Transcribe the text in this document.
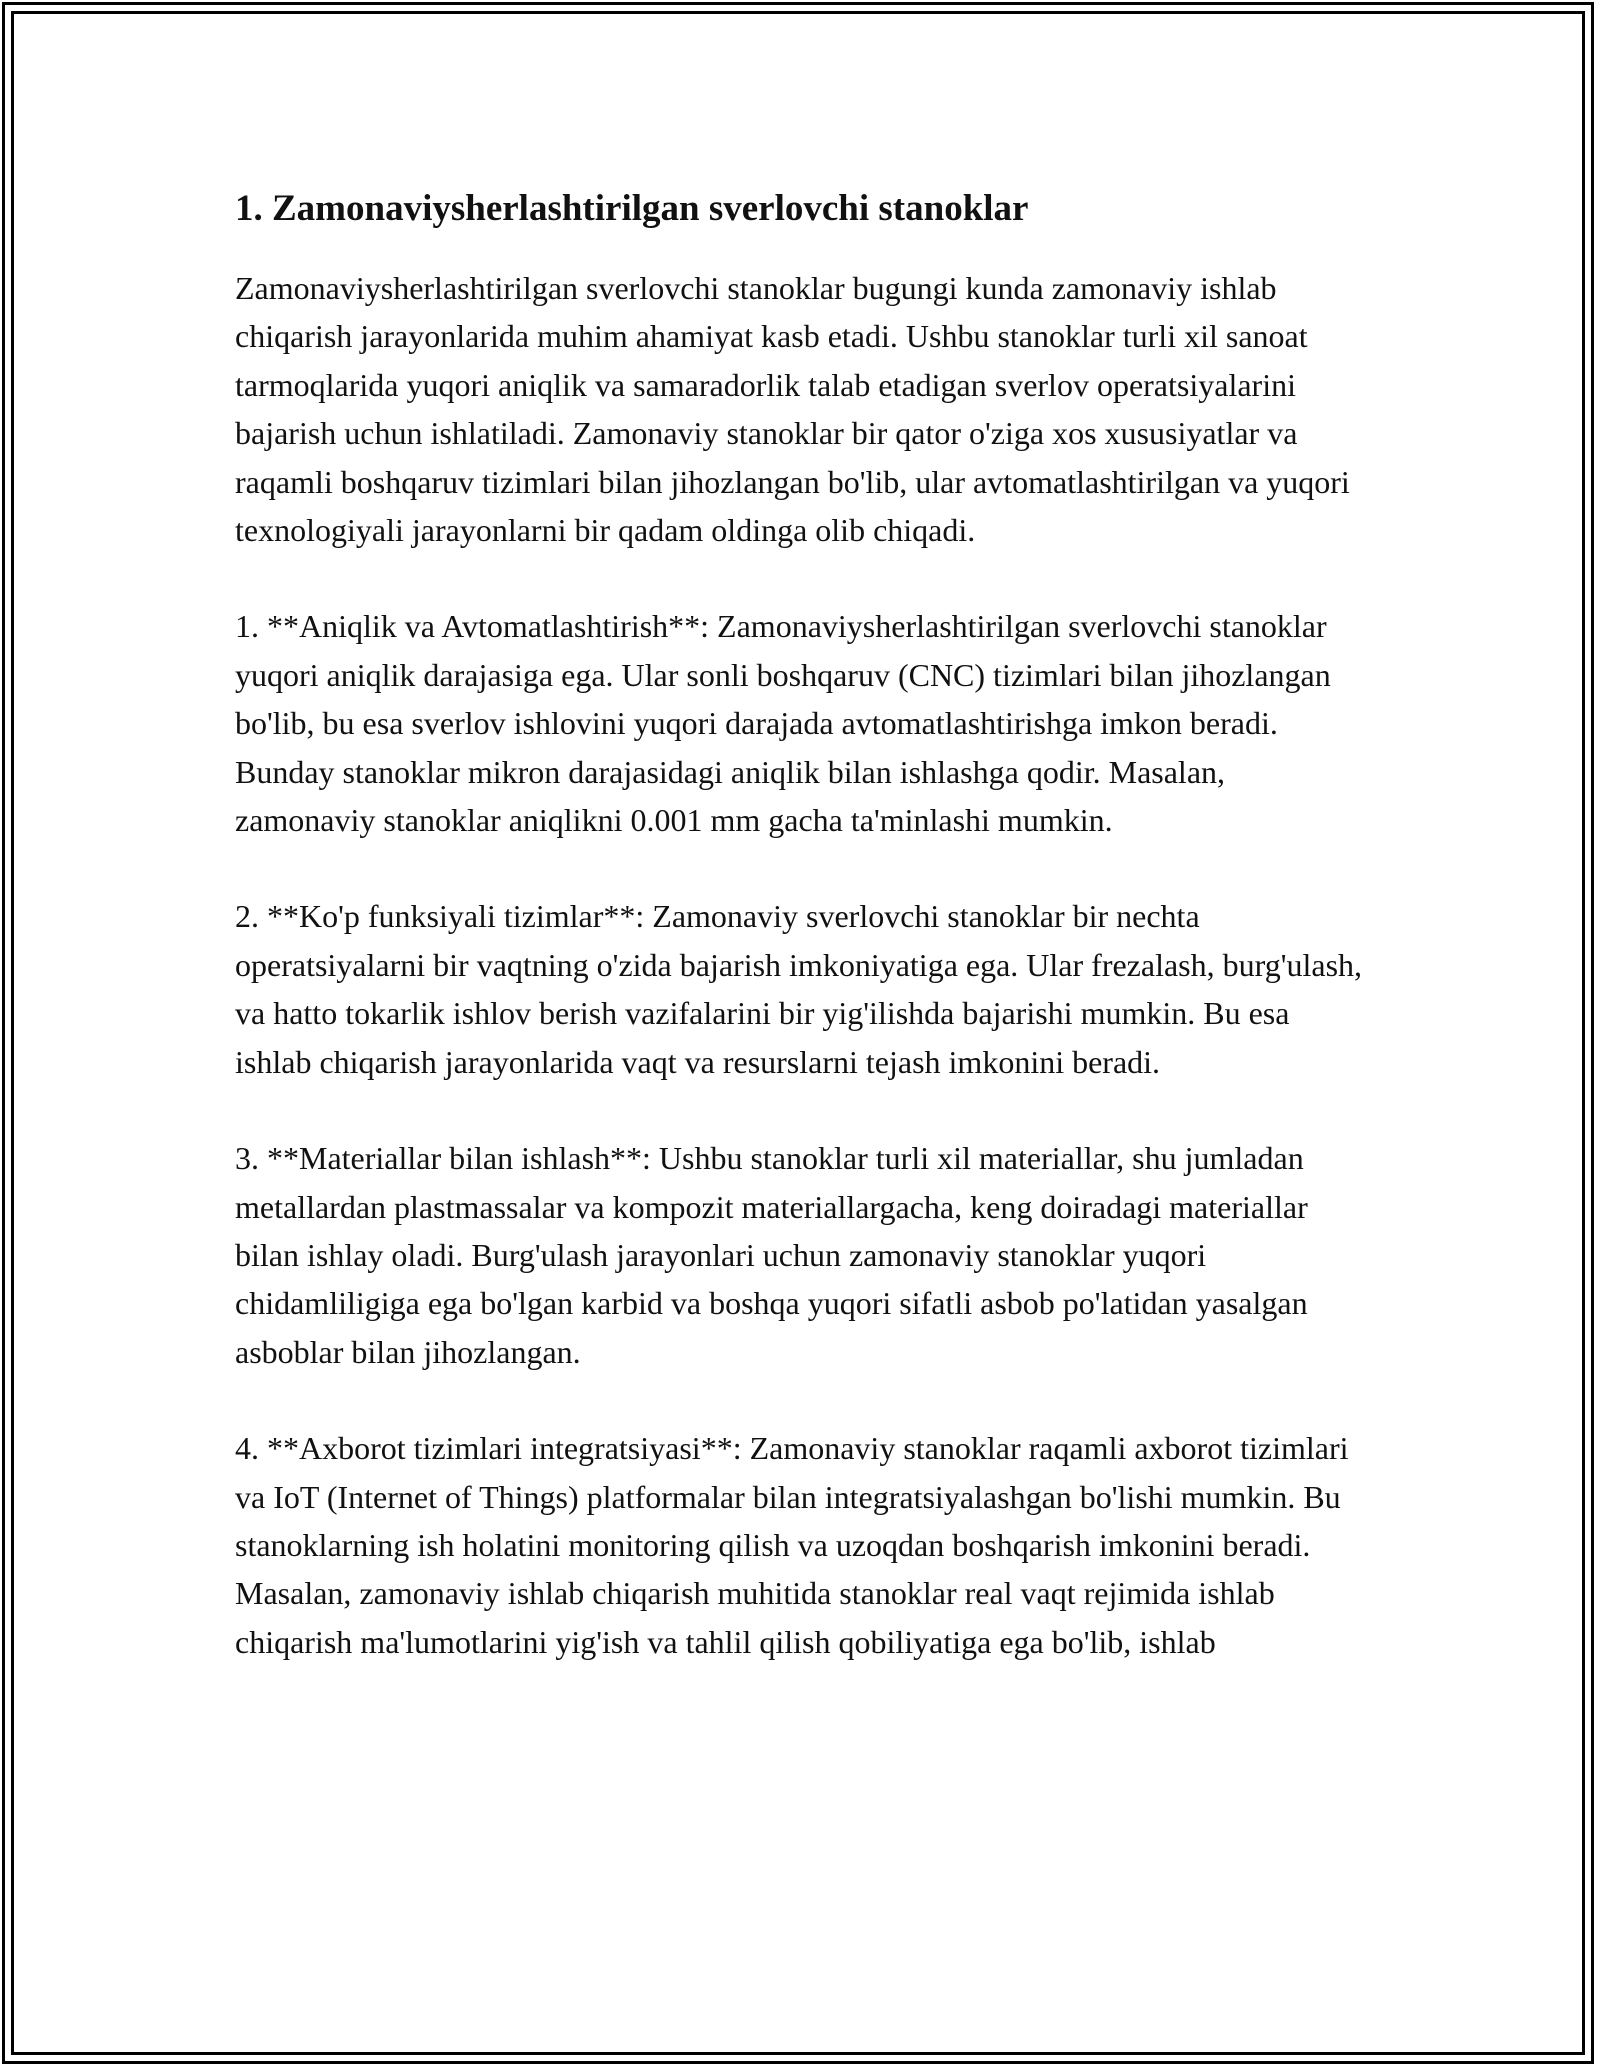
1. Zamonaviysherlashtirilgan sverlovchi stanoklar

Zamonaviysherlashtirilgan sverlovchi stanoklar bugungi kunda zamonaviy ishlab chiqarish jarayonlarida muhim ahamiyat kasb etadi. Ushbu stanoklar turli xil sanoat tarmoqlarida yuqori aniqlik va samaradorlik talab etadigan sverlov operatsiyalarini bajarish uchun ishlatiladi. Zamonaviy stanoklar bir qator o'ziga xos xususiyatlar va raqamli boshqaruv tizimlari bilan jihozlangan bo'lib, ular avtomatlashtirilgan va yuqori texnologiyali jarayonlarni bir qadam oldinga olib chiqadi.

1. **Aniqlik va Avtomatlashtirish**: Zamonaviysherlashtirilgan sverlovchi stanoklar yuqori aniqlik darajasiga ega. Ular sonli boshqaruv (CNC) tizimlari bilan jihozlangan bo'lib, bu esa sverlov ishlovini yuqori darajada avtomatlashtirishga imkon beradi. Bunday stanoklar mikron darajasidagi aniqlik bilan ishlashga qodir. Masalan, zamonaviy stanoklar aniqlikni 0.001 mm gacha ta'minlashi mumkin.

2. **Ko'p funksiyali tizimlar**: Zamonaviy sverlovchi stanoklar bir nechta operatsiyalarni bir vaqtning o'zida bajarish imkoniyatiga ega. Ular frezalash, burg'ulash, va hatto tokarlik ishlov berish vazifalarini bir yig'ilishda bajarishi mumkin. Bu esa ishlab chiqarish jarayonlarida vaqt va resurslarni tejash imkonini beradi.

3. **Materiallar bilan ishlash**: Ushbu stanoklar turli xil materiallar, shu jumladan metallardan plastmassalar va kompozit materiallargacha, keng doiradagi materiallar bilan ishlay oladi. Burg'ulash jarayonlari uchun zamonaviy stanoklar yuqori chidamliligiga ega bo'lgan karbid va boshqa yuqori sifatli asbob po'latidan yasalgan asboblar bilan jihozlangan.

4. **Axborot tizimlari integratsiyasi**: Zamonaviy stanoklar raqamli axborot tizimlari va IoT (Internet of Things) platformalar bilan integratsiyalashgan bo'lishi mumkin. Bu stanoklarning ish holatini monitoring qilish va uzoqdan boshqarish imkonini beradi. Masalan, zamonaviy ishlab chiqarish muhitida stanoklar real vaqt rejimida ishlab chiqarish ma'lumotlarini yig'ish va tahlil qilish qobiliyatiga ega bo'lib, ishlab
